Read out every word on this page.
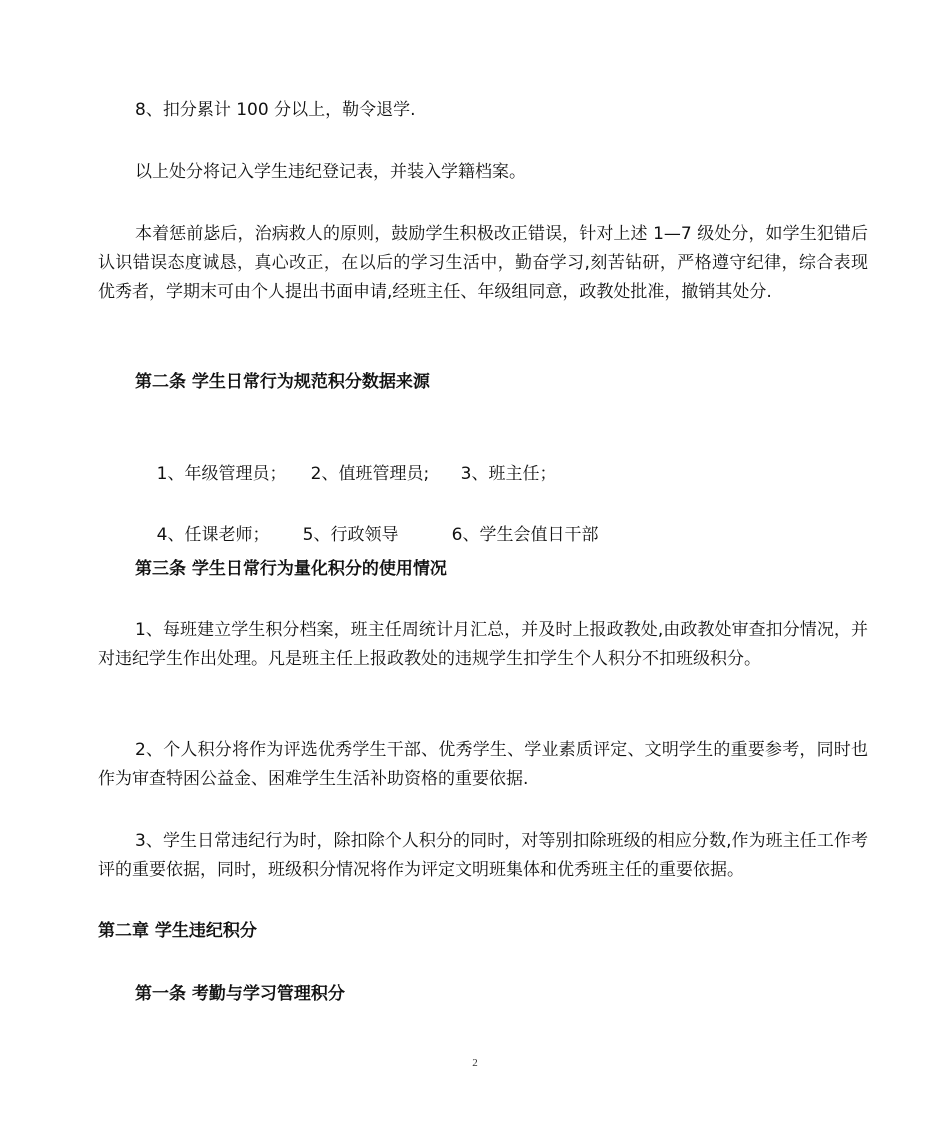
8、扣分累计 100 分以上，勒令退学.

以上处分将记入学生违纪登记表，并装入学籍档案。

本着惩前毖后，治病救人的原则，鼓励学生积极改正错误，针对上述 1—7 级处分，如学生犯错后认识错误态度诚恳，真心改正，在以后的学习生活中，勤奋学习,刻苦钻研，严格遵守纪律，综合表现优秀者，学期末可由个人提出书面申请,经班主任、年级组同意，政教处批准，撤销其处分.

第二条 学生日常行为规范积分数据来源

1、年级管理员； 2、值班管理员; 3、班主任；

4、任课老师； 5、行政领导	6、学生会值日干部

第三条 学生日常行为量化积分的使用情况

1、每班建立学生积分档案，班主任周统计月汇总，并及时上报政教处,由政教处审查扣分情况，并对违纪学生作出处理。凡是班主任上报政教处的违规学生扣学生个人积分不扣班级积分。

2、个人积分将作为评选优秀学生干部、优秀学生、学业素质评定、文明学生的重要参考，同时也作为审查特困公益金、困难学生生活补助资格的重要依据.

3、学生日常违纪行为时，除扣除个人积分的同时，对等别扣除班级的相应分数,作为班主任工作考评的重要依据，同时，班级积分情况将作为评定文明班集体和优秀班主任的重要依据。

第二章 学生违纪积分

第一条 考勤与学习管理积分

2
